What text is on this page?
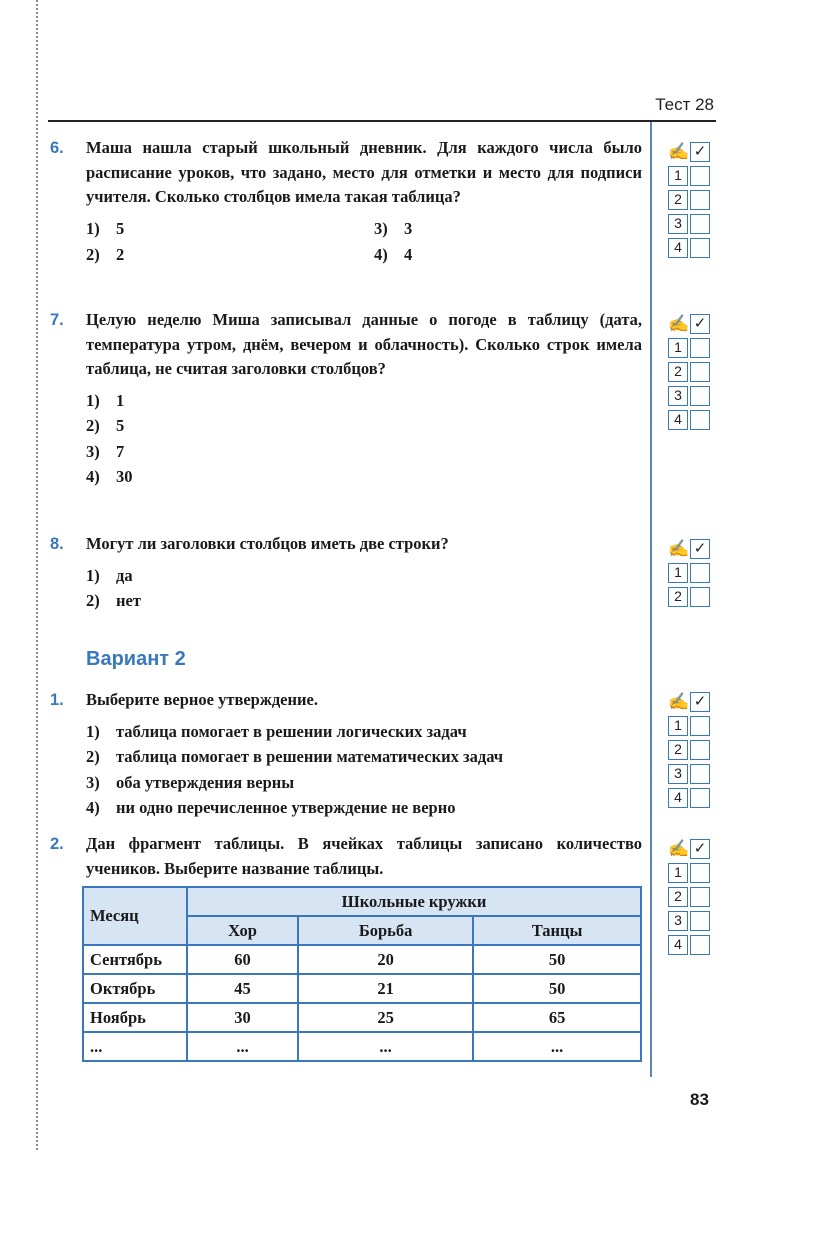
Тест 28
6. Маша нашла старый школьный дневник. Для каждого числа было расписание уроков, что задано, место для отметки и место для подписи учителя. Сколько столбцов имела такая таблица?
1) 5
2) 2
3) 3
4) 4
7. Целую неделю Миша записывал данные о погоде в таблицу (дата, температура утром, днём, вечером и облачность). Сколько строк имела таблица, не считая заголовки столбцов?
1) 1
2) 5
3) 7
4) 30
8. Могут ли заголовки столбцов иметь две строки?
1) да
2) нет
Вариант 2
1. Выберите верное утверждение.
1) таблица помогает в решении логических задач
2) таблица помогает в решении математических задач
3) оба утверждения верны
4) ни одно перечисленное утверждение не верно
2. Дан фрагмент таблицы. В ячейках таблицы записано количество учеников. Выберите название таблицы.
Месяц	Школьные кружки		
	Хор	Борьба	Танцы
Сентябрь	60	20	50
Октябрь	45	21	50
Ноябрь	30	25	65
...	...	...	...
✍ ✓
1
2
3
4
✍ ✓
1
2
3
4
✍ ✓
1
2
✍ ✓
1
2
3
4
✍ ✓
1
2
3
4
83
